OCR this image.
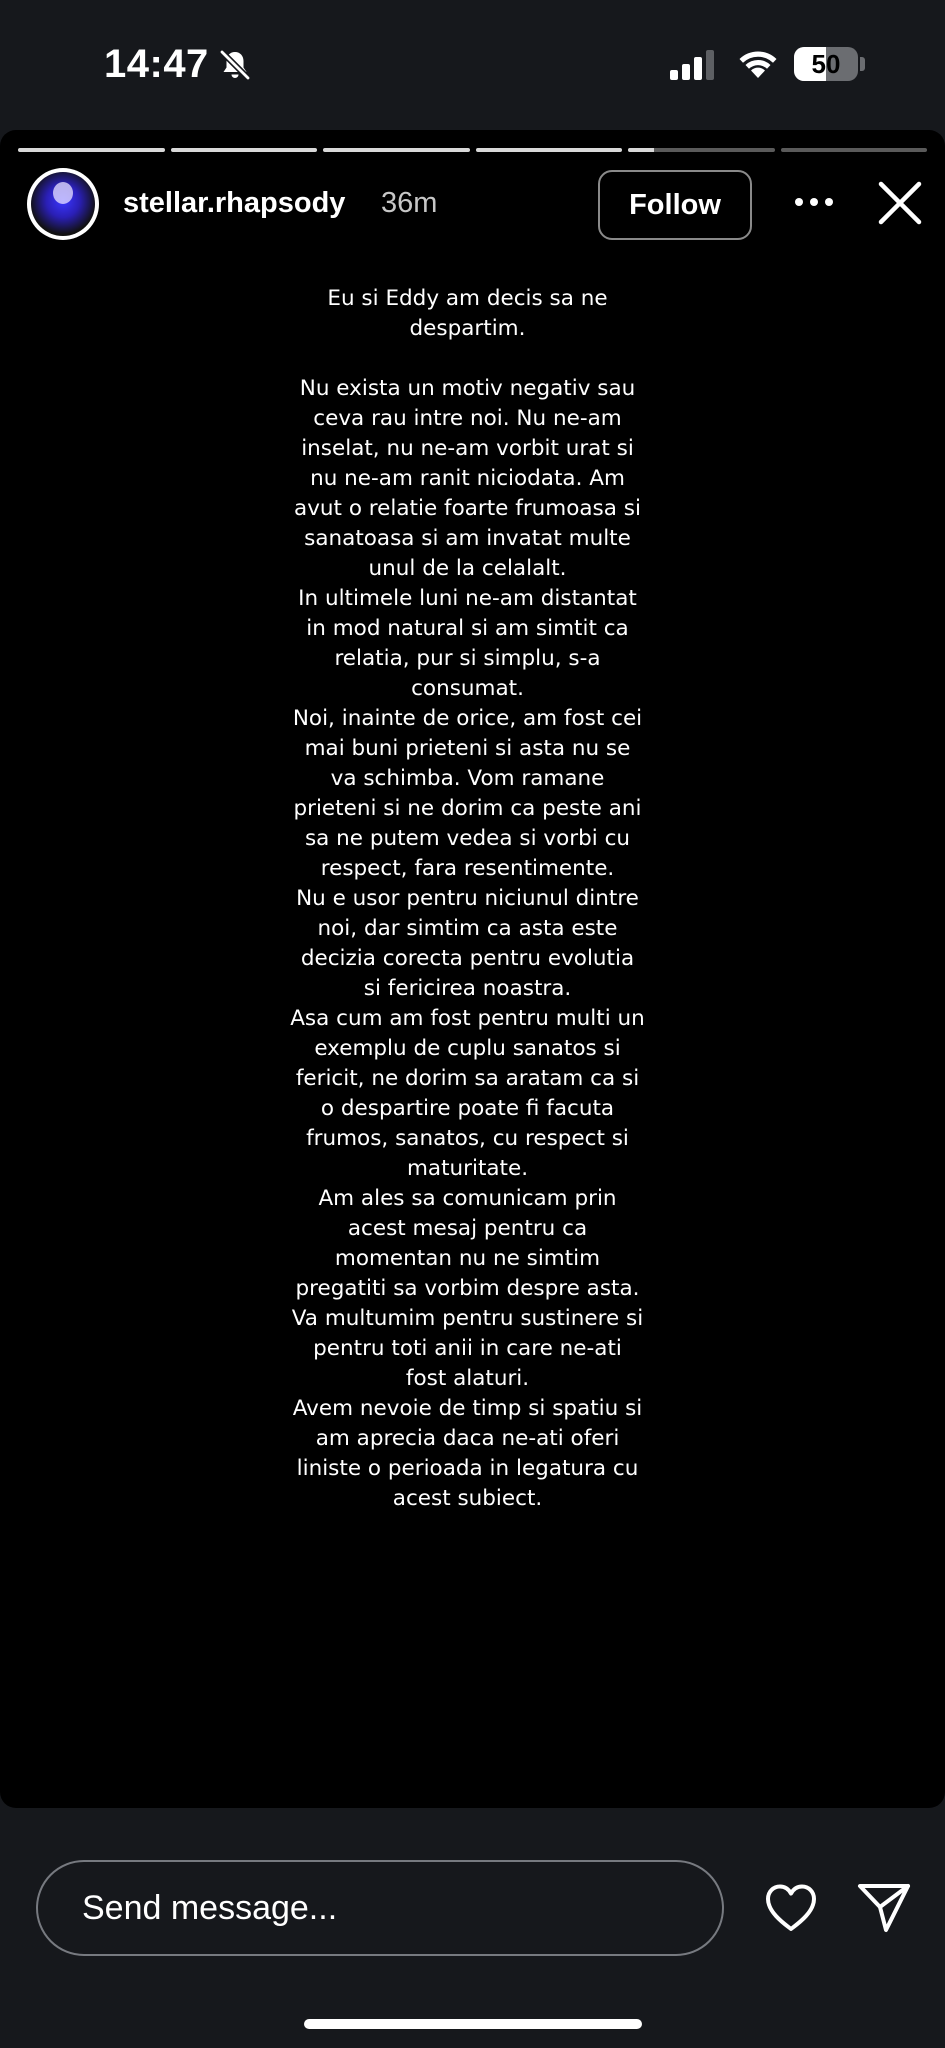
14:47	50
stellar.rhapsody 36m	Follow
Eu si Eddy am decis sa ne despartim.

Nu exista un motiv negativ sau ceva rau intre noi. Nu ne-am inselat, nu ne-am vorbit urat si nu ne-am ranit niciodata. Am avut o relatie foarte frumoasa si sanatoasa si am invatat multe unul de la celalalt.
In ultimele luni ne-am distantat in mod natural si am simtit ca relatia, pur si simplu, s-a consumat.
Noi, inainte de orice, am fost cei mai buni prieteni si asta nu se va schimba. Vom ramane prieteni si ne dorim ca peste ani sa ne putem vedea si vorbi cu respect, fara resentimente.
Nu e usor pentru niciunul dintre noi, dar simtim ca asta este decizia corecta pentru evolutia si fericirea noastra.
Asa cum am fost pentru multi un exemplu de cuplu sanatos si fericit, ne dorim sa aratam ca si o despartire poate fi facuta frumos, sanatos, cu respect si maturitate.
Am ales sa comunicam prin acest mesaj pentru ca momentan nu ne simtim pregatiti sa vorbim despre asta. Va multumim pentru sustinere si pentru toti anii in care ne-ati fost alaturi.
Avem nevoie de timp si spatiu si am aprecia daca ne-ati oferi liniste o perioada in legatura cu acest subiect.
Send message...
